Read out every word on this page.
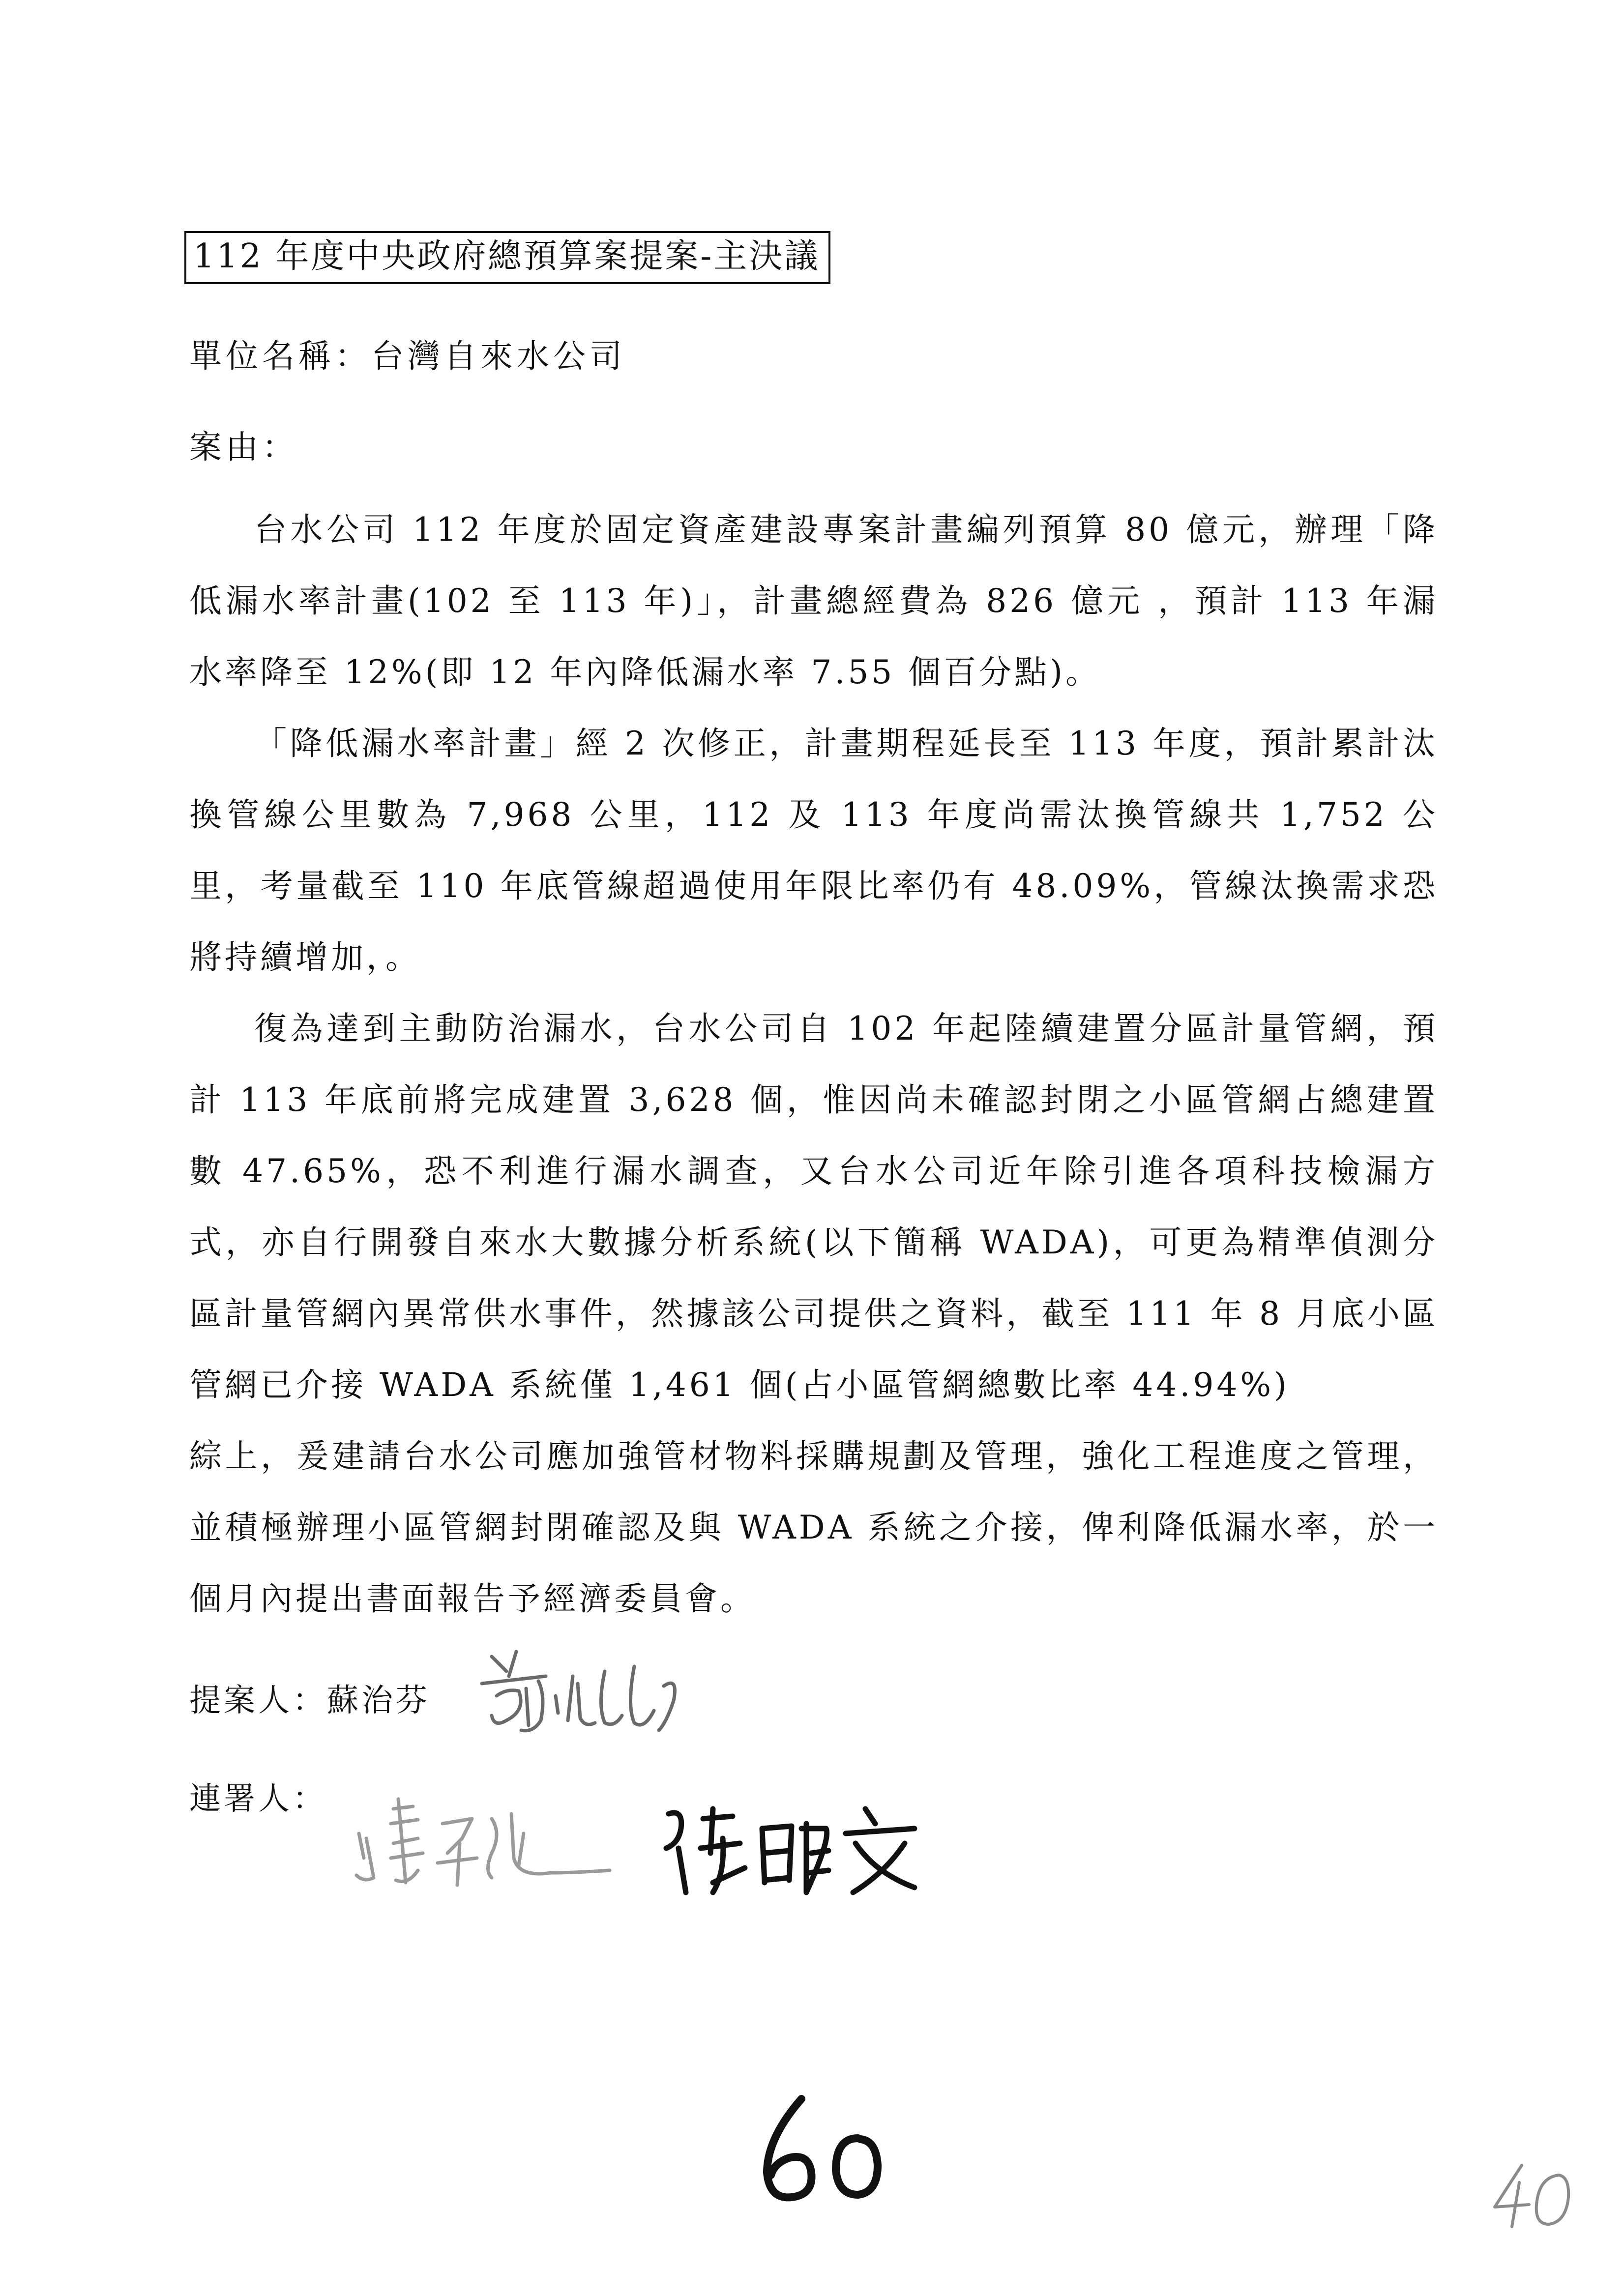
112 年度中央政府總預算案提案-主決議
單位名稱：台灣自來水公司
案由：

台水公司 112 年度於固定資產建設專案計畫編列預算 80 億元，辦理「降低漏水率計畫(102 至 113 年)」，計畫總經費為 826 億元 ，預計 113 年漏水率降至 12%(即 12 年內降低漏水率 7.55 個百分點)。

「降低漏水率計畫」經 2 次修正，計畫期程延長至 113 年度，預計累計汰換管線公里數為 7,968 公里，112 及 113 年度尚需汰換管線共 1,752 公里，考量截至 110 年底管線超過使用年限比率仍有 48.09%，管線汰換需求恐將持續增加，。

復為達到主動防治漏水，台水公司自 102 年起陸續建置分區計量管網，預計 113 年底前將完成建置 3,628 個，惟因尚未確認封閉之小區管網占總建置數 47.65%，恐不利進行漏水調查，又台水公司近年除引進各項科技檢漏方式，亦自行開發自來水大數據分析系統(以下簡稱 WADA)，可更為精準偵測分區計量管網內異常供水事件，然據該公司提供之資料，截至 111 年 8 月底小區管網已介接 WADA 系統僅 1,461 個(占小區管網總數比率 44.94%)

綜上，爰建請台水公司應加強管材物料採購規劃及管理，強化工程進度之管理，並積極辦理小區管網封閉確認及與 WADA 系統之介接，俾利降低漏水率，於一個月內提出書面報告予經濟委員會。

提案人：蘇治芬
連署人：
